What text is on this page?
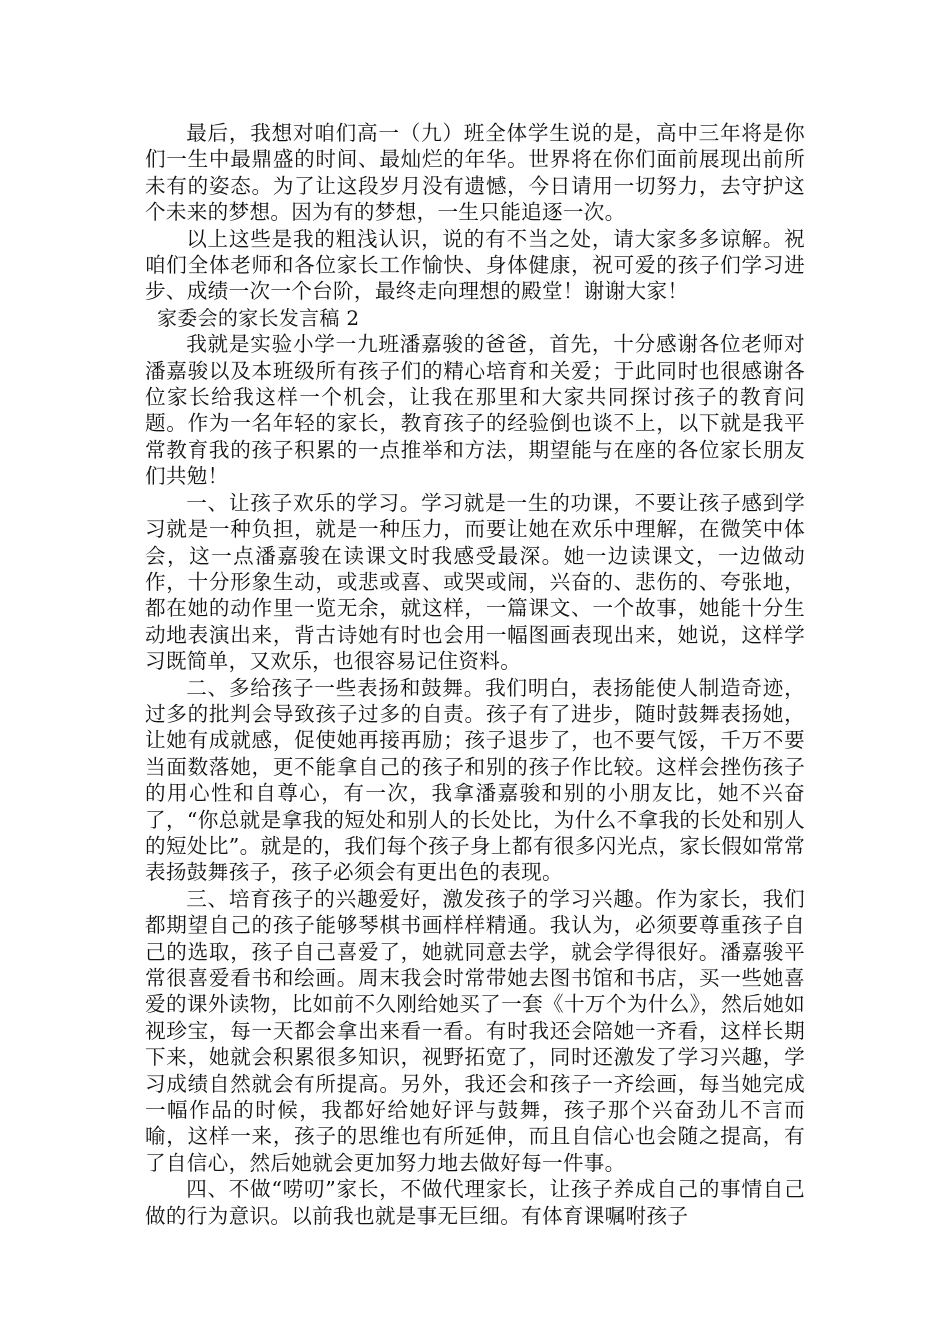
最后，我想对咱们高一（九）班全体学生说的是，高中三年将是你们一生中最鼎盛的时间、最灿烂的年华。世界将在你们面前展现出前所未有的姿态。为了让这段岁月没有遗憾，今日请用一切努力，去守护这个未来的梦想。因为有的梦想，一生只能追逐一次。

以上这些是我的粗浅认识，说的有不当之处，请大家多多谅解。祝咱们全体老师和各位家长工作愉快、身体健康，祝可爱的孩子们学习进步、成绩一次一个台阶，最终走向理想的殿堂！谢谢大家！

家委会的家长发言稿 2

我就是实验小学一九班潘嘉骏的爸爸，首先，十分感谢各位老师对潘嘉骏以及本班级所有孩子们的精心培育和关爱；于此同时也很感谢各位家长给我这样一个机会，让我在那里和大家共同探讨孩子的教育问题。作为一名年轻的家长，教育孩子的经验倒也谈不上，以下就是我平常教育我的孩子积累的一点推举和方法，期望能与在座的各位家长朋友们共勉！

一、让孩子欢乐的学习。学习就是一生的功课，不要让孩子感到学习就是一种负担，就是一种压力，而要让她在欢乐中理解，在微笑中体会，这一点潘嘉骏在读课文时我感受最深。她一边读课文，一边做动作，十分形象生动，或悲或喜、或哭或闹，兴奋的、悲伤的、夸张地，都在她的动作里一览无余，就这样，一篇课文、一个故事，她能十分生动地表演出来，背古诗她有时也会用一幅图画表现出来，她说，这样学习既简单，又欢乐，也很容易记住资料。

二、多给孩子一些表扬和鼓舞。我们明白，表扬能使人制造奇迹，过多的批判会导致孩子过多的自责。孩子有了进步，随时鼓舞表扬她，让她有成就感，促使她再接再励；孩子退步了，也不要气馁，千万不要当面数落她，更不能拿自己的孩子和别的孩子作比较。这样会挫伤孩子的用心性和自尊心，有一次，我拿潘嘉骏和别的小朋友比，她不兴奋了，“你总就是拿我的短处和别人的长处比，为什么不拿我的长处和别人的短处比”。就是的，我们每个孩子身上都有很多闪光点，家长假如常常表扬鼓舞孩子，孩子必须会有更出色的表现。

三、培育孩子的兴趣爱好，激发孩子的学习兴趣。作为家长，我们都期望自己的孩子能够琴棋书画样样精通。我认为，必须要尊重孩子自己的选取，孩子自己喜爱了，她就同意去学，就会学得很好。潘嘉骏平常很喜爱看书和绘画。周末我会时常带她去图书馆和书店，买一些她喜爱的课外读物，比如前不久刚给她买了一套《十万个为什么》，然后她如视珍宝，每一天都会拿出来看一看。有时我还会陪她一齐看，这样长期下来，她就会积累很多知识，视野拓宽了，同时还激发了学习兴趣，学习成绩自然就会有所提高。另外，我还会和孩子一齐绘画，每当她完成一幅作品的时候，我都好给她好评与鼓舞，孩子那个兴奋劲儿不言而喻，这样一来，孩子的思维也有所延伸，而且自信心也会随之提高，有了自信心，然后她就会更加努力地去做好每一件事。

四、不做“唠叨”家长，不做代理家长，让孩子养成自己的事情自己做的行为意识。以前我也就是事无巨细。有体育课嘱咐孩子
